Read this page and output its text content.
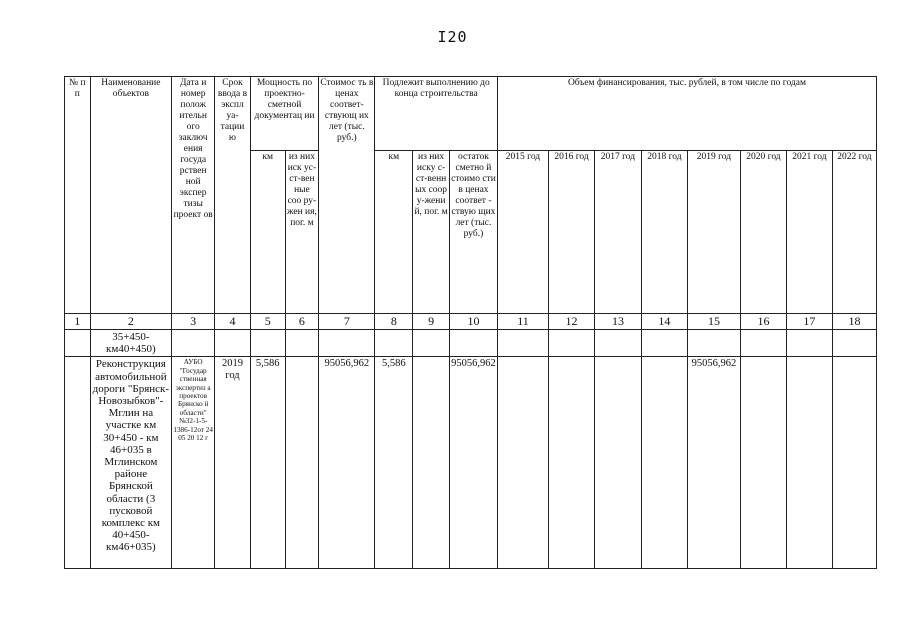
I20
№ п п	Наименование объектов	Дата и номер полож ительн ого заключ ения госуда рствен ной экспер тизы проект ов	Срок ввода в экспл уа-тации ю	Мощность по проектно-сметной документац ии		Стоимос ть в ценах соответ-ствующ их лет (тыс. руб.)	Подлежит выполнению до конца строительства			Объем финансирования, тыс. рублей, в том числе по годам							
				км	из них иск ус-ст-вен ные соо ру-жен ия, пог. м		км	из них иску с-ст-венн ых соор у-жени й, пог. м	остаток сметно й стоимо сти в ценах соответ - ствую щих лет (тыс. руб.)	2015 год	2016 год	2017 год	2018 год	2019 год	2020 год	2021 год	2022 год
1	2	3	4	5	6	7	8	9	10	11	12	13	14	15	16	17	18
	35+450-км40+450)																
	Реконструкция автомобильной дороги "Брянск-Новозыбков"-Мглин на участке км 30+450 - км 46+035 в Мглинском районе Брянской области (3 пусковой комплекс км 40+450-км46+035)	АУБО "Государ ственная экспертиз а проектов Брянско й области" №32-1-5-1386-12от 24 05 20 12 г	2019 год	5,586		95056,962	5,586		95056,962					95056,962			
